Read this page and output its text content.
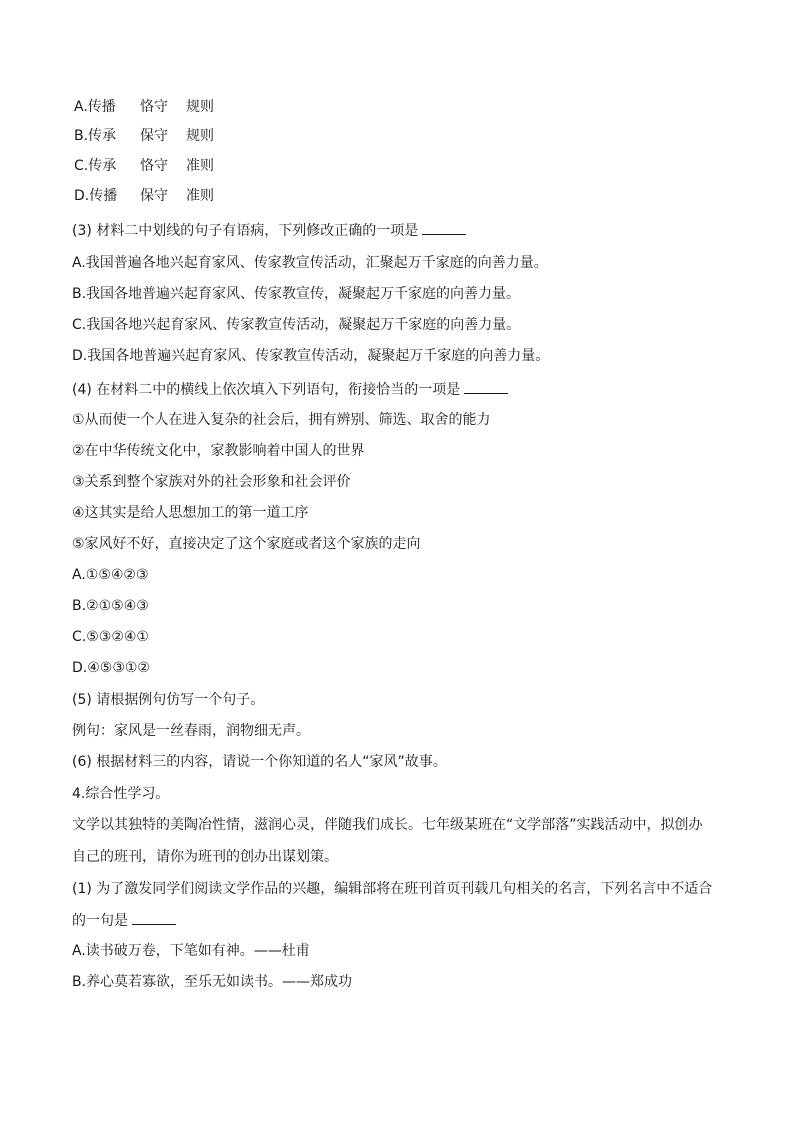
A.传播 恪守 规则
B.传承 保守 规则
C.传承 恪守 准则
D.传播 保守 准则
(3) 材料二中划线的句子有语病，下列修改正确的一项是
A.我国普遍各地兴起育家风、传家教宣传活动，汇聚起万千家庭的向善力量。
B.我国各地普遍兴起育家风、传家教宣传，凝聚起万千家庭的向善力量。
C.我国各地兴起育家风、传家教宣传活动，凝聚起万千家庭的向善力量。
D.我国各地普遍兴起育家风、传家教宣传活动，凝聚起万千家庭的向善力量。
(4) 在材料二中的横线上依次填入下列语句，衔接恰当的一项是
①从而使一个人在进入复杂的社会后，拥有辨别、筛选、取舍的能力
②在中华传统文化中，家教影响着中国人的世界
③关系到整个家族对外的社会形象和社会评价
④这其实是给人思想加工的第一道工序
⑤家风好不好，直接决定了这个家庭或者这个家族的走向
A.①⑤④②③
B.②①⑤④③
C.⑤③②④①
D.④⑤③①②
(5) 请根据例句仿写一个句子。
例句：家风是一丝春雨，润物细无声。
(6) 根据材料三的内容，请说一个你知道的名人“家风”故事。
4.综合性学习。
文学以其独特的美陶冶性情，滋润心灵，伴随我们成长。七年级某班在“文学部落”实践活动中，拟创办
自己的班刊，请你为班刊的创办出谋划策。
(1) 为了激发同学们阅读文学作品的兴趣，编辑部将在班刊首页刊载几句相关的名言，下列名言中不适合
的一句是
A.读书破万卷，下笔如有神。——杜甫
B.养心莫若寡欲，至乐无如读书。——郑成功
